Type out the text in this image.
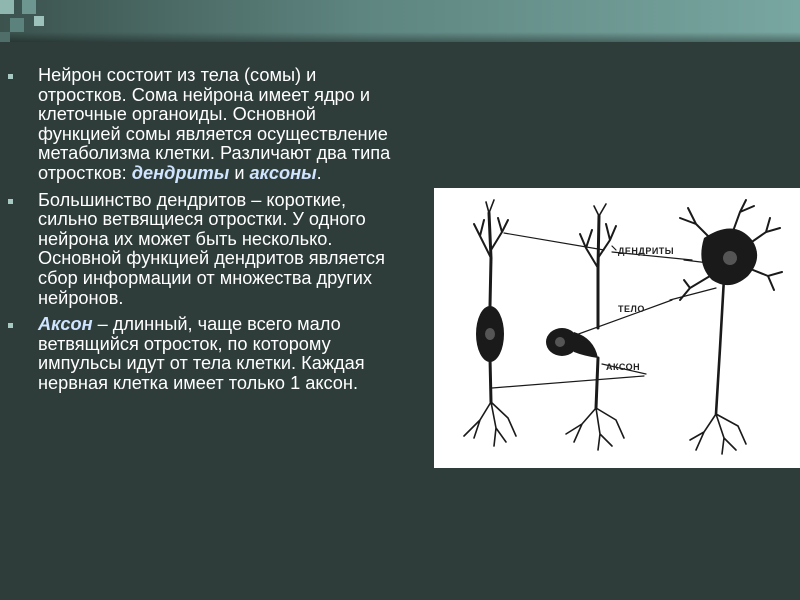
Нейрон состоит из тела (сомы) и отростков. Сома нейрона имеет ядро и клеточные органоиды. Основной функцией сомы является осуществление метаболизма клетки. Различают два типа отростков: дендриты и аксоны.
Большинство дендритов – короткие, сильно ветвящиеся отростки. У одного нейрона их может быть несколько. Основной функцией дендритов является сбор информации от множества других нейронов.
Аксон – длинный, чаще всего мало ветвящийся отросток, по которому импульсы идут от тела клетки. Каждая нервная клетка имеет только 1 аксон.
ДЕНДРИТЫ
ТЕЛО
АКСОН
